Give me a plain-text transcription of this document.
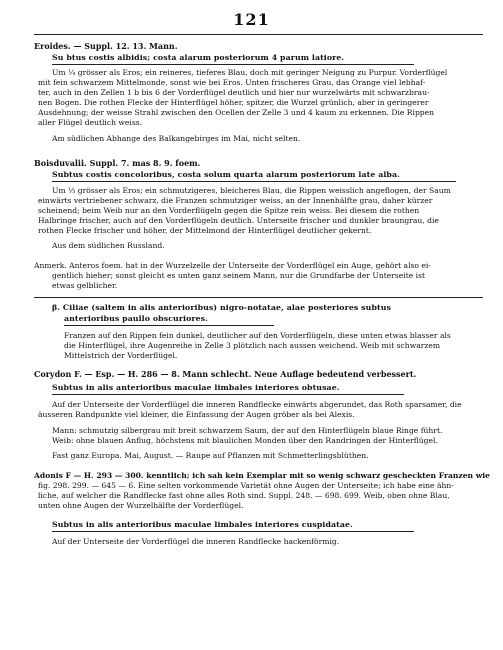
121
Eroides. — Suppl. 12. 13. Mann.
Su btus costis albidis; costa alarum posteriorum 4 parum latiore.
Um ¼ grösser als Eros; ein reineres, tieferes Blau, doch mit geringer Neigung zu Purpur. Vorderflügel
mit fein schwarzem Mittelmonde, sonst wie bei Eros. Unten frischeres Grau, das Orange viel lebhaf-
ter, auch in den Zellen 1 b bis 6 der Vorderflügel deutlich und hier nur wurzelwärts mit schwarzbrau-
nen Bogen. Die rothen Flecke der Hinterflügel höher, spitzer, die Wurzel grünlich, aber in geringerer
Ausdehnung; der weisse Strahl zwischen den Ocellen der Zelle 3 und 4 kaum zu erkennen. Die Rippen
aller Flügel deutlich weiss.
Am südlichen Abhange des Balkangebirges im Mai, nicht selten.
Boisduvalii. Suppl. 7. mas 8. 9. foem.
Subtus costis concoloribus, costa solum quarta alarum posteriorum late alba.
Um ⅓ grösser als Eros; ein schmutzigeres, bleicheres Blau, die Rippen weisslich angeflogen, der Saum
einwärts vertriebener schwarz, die Franzen schmutziger weiss, an der Innenhälfte grau, daher kürzer
scheinend; beim Weib nur an den Vorderflügeln gegen die Spitze rein weiss. Bei diesem die rothen
Halbringe frischer, auch auf den Vorderflügeln deutlich. Unterseite frischer und dunkler braungrau, die
rothen Flecke frischer und höher, der Mittelmond der Hinterflügel deutlicher gekernt.
Aus dem südlichen Russland.
Anmerk. Anteros foem. hat in der Wurzelzelle der Unterseite der Vorderflügel ein Auge, gehört also ei-
gentlich hieher; sonst gleicht es unten ganz seinem Mann, nur die Grundfarbe der Unterseite ist
etwas gelblicher.
β. Ciliae (saltem in alis anterioribus) nigro-notatae, alae posteriores subtus
anterioribus paullo obscuriores.
Franzen auf den Rippen fein dunkel, deutlicher auf den Vorderflügeln, diese unten etwas blasser als
die Hinterflügel, ihre Augenreihe in Zelle 3 plötzlich nach aussen weichend. Weib mit schwarzem
Mittelstrich der Vorderflügel.
Corydon F. — Esp. — H. 286 — 8. Mann schlecht. Neue Auflage bedeutend verbessert.
Subtus in alis anterioribus maculae limbales interiores obtusae.
Auf der Unterseite der Vorderflügel die inneren Randflecke einwärts abgerundet, das Roth sparsamer, die
äusseren Randpunkte viel kleiner, die Einfassung der Augen gröber als bei Alexis.
Mann: schmutzig silbergrau mit breit schwarzem Saum, der auf den Hinterflügeln blaue Ringe führt.
Weib: ohne blauen Anflug, höchstens mit blaulichen Monden über den Randringen der Hinterflügel.
Fast ganz Europa. Mai, August. — Raupe auf Pflanzen mit Schmetterlingsblüthen.
Adonis F — H. 293 — 300. kenntlich; ich sah kein Exemplar mit so wenig schwarz gescheckten Franzen wie
fig. 298. 299. — 645 — 6. Eine selten vorkommende Varietät ohne Augen der Unterseite; ich habe eine ähn-
liche, auf welcher die Randflecke fast ohne alles Roth sind. Suppl. 248. — 698. 699. Weib, oben ohne Blau,
unten ohne Augen der Wurzelhälfte der Vorderflügel.
Subtus in alis anterioribus maculae limbales interiores cuspidatae.
Auf der Unterseite der Vorderflügel die inneren Randflecke hackenförmig.
